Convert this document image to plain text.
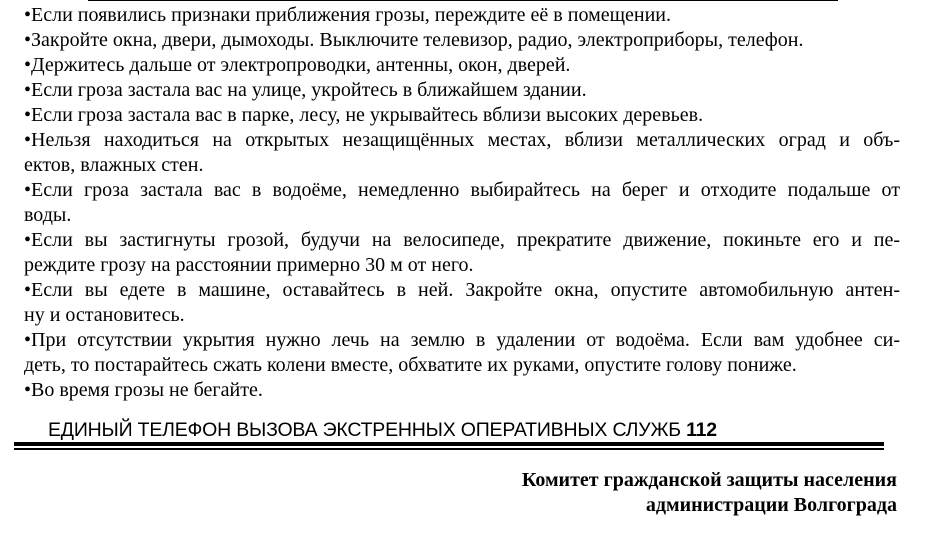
•Если появились признаки приближения грозы, переждите её в помещении.
•Закройте окна, двери, дымоходы. Выключите телевизор, радио, электроприборы, телефон.
•Держитесь дальше от электропроводки, антенны, окон, дверей.
•Если гроза застала вас на улице, укройтесь в ближайшем здании.
•Если гроза застала вас в парке, лесу, не укрывайтесь вблизи высоких деревьев.
•Нельзя находиться на открытых незащищённых местах, вблизи металлических оград и объ-
ектов, влажных стен.
•Если гроза застала вас в водоёме, немедленно выбирайтесь на берег и отходите подальше от
воды.
•Если вы застигнуты грозой, будучи на велосипеде, прекратите движение, покиньте его и пе-
реждите грозу на расстоянии примерно 30 м от него.
•Если вы едете в машине, оставайтесь в ней. Закройте окна, опустите автомобильную антен-
ну и остановитесь.
•При отсутствии укрытия нужно лечь на землю в удалении от водоёма. Если вам удобнее си-
деть, то постарайтесь сжать колени вместе, обхватите их руками, опустите голову пониже.
•Во время грозы не бегайте.
ЕДИНЫЙ ТЕЛЕФОН ВЫЗОВА ЭКСТРЕННЫХ ОПЕРАТИВНЫХ СЛУЖБ 112
Комитет гражданской защиты населения
администрации Волгограда
